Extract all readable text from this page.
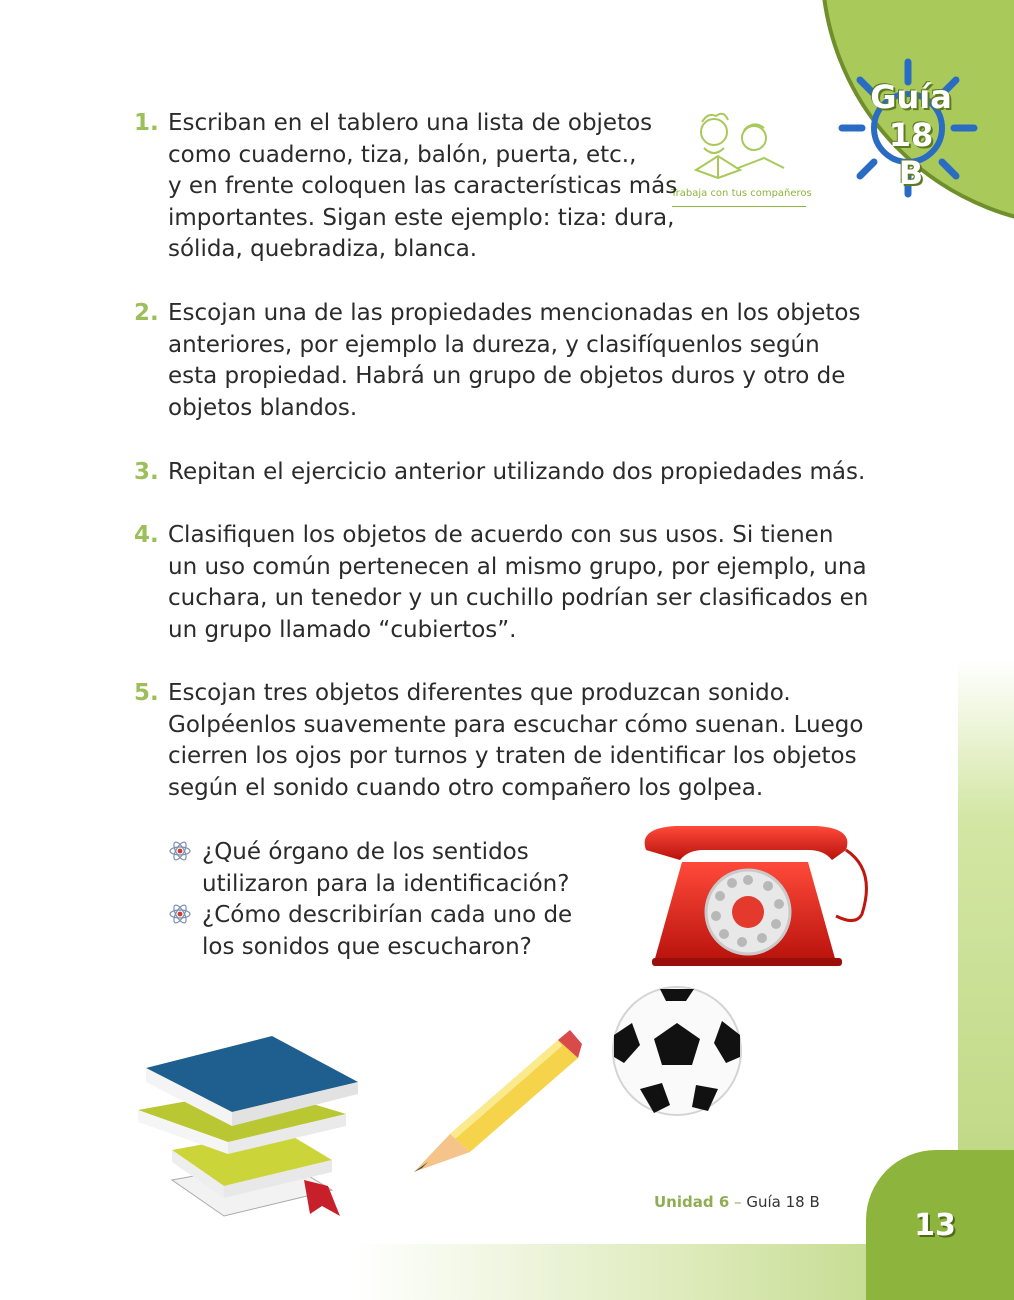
Guía 18
B
Trabaja con tus compañeros
1. Escriban en el tablero una lista de objetos
como cuaderno, tiza, balón, puerta, etc.,
y en frente coloquen las características más
importantes. Sigan este ejemplo: tiza: dura,
sólida, quebradiza, blanca.
2. Escojan una de las propiedades mencionadas en los objetos
anteriores, por ejemplo la dureza, y clasifíquenlos según
esta propiedad. Habrá un grupo de objetos duros y otro de
objetos blandos.
3. Repitan el ejercicio anterior utilizando dos propiedades más.
4. Clasifiquen los objetos de acuerdo con sus usos. Si tienen
un uso común pertenecen al mismo grupo, por ejemplo, una
cuchara, un tenedor y un cuchillo podrían ser clasificados en
un grupo llamado “cubiertos”.
5. Escojan tres objetos diferentes que produzcan sonido.
Golpéenlos suavemente para escuchar cómo suenan. Luego
cierren los ojos por turnos y traten de identificar los objetos
según el sonido cuando otro compañero los golpea.
¿Qué órgano de los sentidos
utilizaron para la identificación?
¿Cómo describirían cada uno de
los sonidos que escucharon?
Unidad 6 – Guía 18 B
13
